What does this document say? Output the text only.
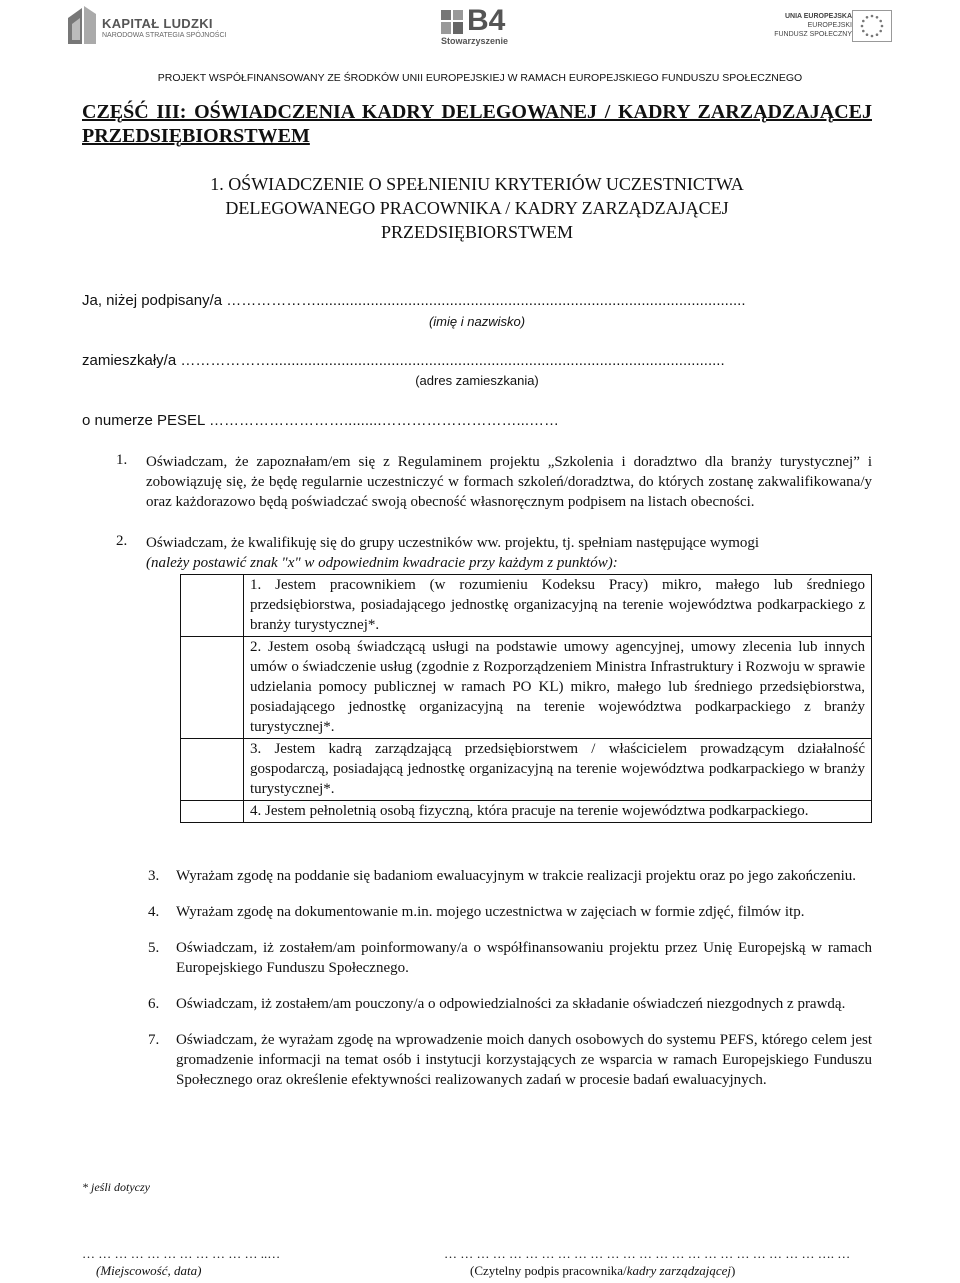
KAPITAŁ LUDZKI
NARODOWA STRATEGIA SPÓJNOŚCI	B4
Stowarzyszenie
UNIA EUROPEJSKA
EUROPEJSKI
FUNDUSZ SPOŁECZNY
PROJEKT WSPÓŁFINANSOWANY ZE ŚRODKÓW UNII EUROPEJSKIEJ W RAMACH EUROPEJSKIEGO FUNDUSZU SPOŁECZNEGO
CZĘŚĆ III: OŚWIADCZENIA KADRY DELEGOWANEJ / KADRY ZARZĄDZAJĄCEJ PRZEDSIĘBIORSTWEM
1. OŚWIADCZENIE O SPEŁNIENIU KRYTERIÓW UCZESTNICTWA
DELEGOWANEGO PRACOWNIKA / KADRY ZARZĄDZAJĄCEJ
PRZEDSIĘBIORSTWEM
Ja, niżej podpisany/a ……………….......................................................................................................
(imię i nazwisko)
zamieszkały/a ……………….............................................................................................................
(adres zamieszkania)
o numerze PESEL ……………………….........………………………...……
1. Oświadczam, że zapoznałam/em się z Regulaminem projektu „Szkolenia i doradztwo dla branży turystycznej” i zobowiązuję się, że będę regularnie uczestniczyć w formach szkoleń/doradztwa, do których zostanę zakwalifikowana/y oraz każdorazowo będą poświadczać swoją obecność własnoręcznym podpisem na listach obecności.
2. Oświadczam, że kwalifikuję się do grupy uczestników ww. projektu, tj. spełniam następujące wymogi
(należy postawić znak "x" w odpowiednim kwadracie przy każdym z punktów):
	1. Jestem pracownikiem (w rozumieniu Kodeksu Pracy) mikro, małego lub średniego przedsiębiorstwa, posiadającego jednostkę organizacyjną na terenie województwa podkarpackiego z branży turystycznej*.
	2. Jestem osobą świadczącą usługi na podstawie umowy agencyjnej, umowy zlecenia lub innych umów o świadczenie usług (zgodnie z Rozporządzeniem Ministra Infrastruktury i Rozwoju w sprawie udzielania pomocy publicznej w ramach PO KL) mikro, małego lub średniego przedsiębiorstwa, posiadającego jednostkę organizacyjną na terenie województwa podkarpackiego z branży turystycznej*.
	3. Jestem kadrą zarządzającą przedsiębiorstwem / właścicielem prowadzącym działalność gospodarczą, posiadającą jednostkę organizacyjną na terenie województwa podkarpackiego w branży turystycznej*.
	4. Jestem pełnoletnią osobą fizyczną, która pracuje na terenie województwa podkarpackiego.
3.	Wyrażam zgodę na poddanie się badaniom ewaluacyjnym w trakcie realizacji projektu oraz po jego zakończeniu.
4.	Wyrażam zgodę na dokumentowanie m.in. mojego uczestnictwa w zajęciach w formie zdjęć, filmów itp.
5.	Oświadczam, iż zostałem/am poinformowany/a o współfinansowaniu projektu przez Unię Europejską w ramach Europejskiego Funduszu Społecznego.
6.	Oświadczam, iż zostałem/am pouczony/a o odpowiedzialności za składanie oświadczeń niezgodnych z prawdą.
7.	Oświadczam, że wyrażam zgodę na wprowadzenie moich danych osobowych do systemu PEFS, którego celem jest gromadzenie informacji na temat osób i instytucji korzystających ze wsparcia w ramach Europejskiego Funduszu Społecznego oraz określenie efektywności realizowanych zadań w procesie badań ewaluacyjnych.
* jeśli dotyczy
… … … … … … … … … … … ..…
(Miejscowość, data)
… … … … … … … … … … … … … … … … … … … … … … … …. …
(Czytelny podpis pracownika/kadry zarządzającej)
